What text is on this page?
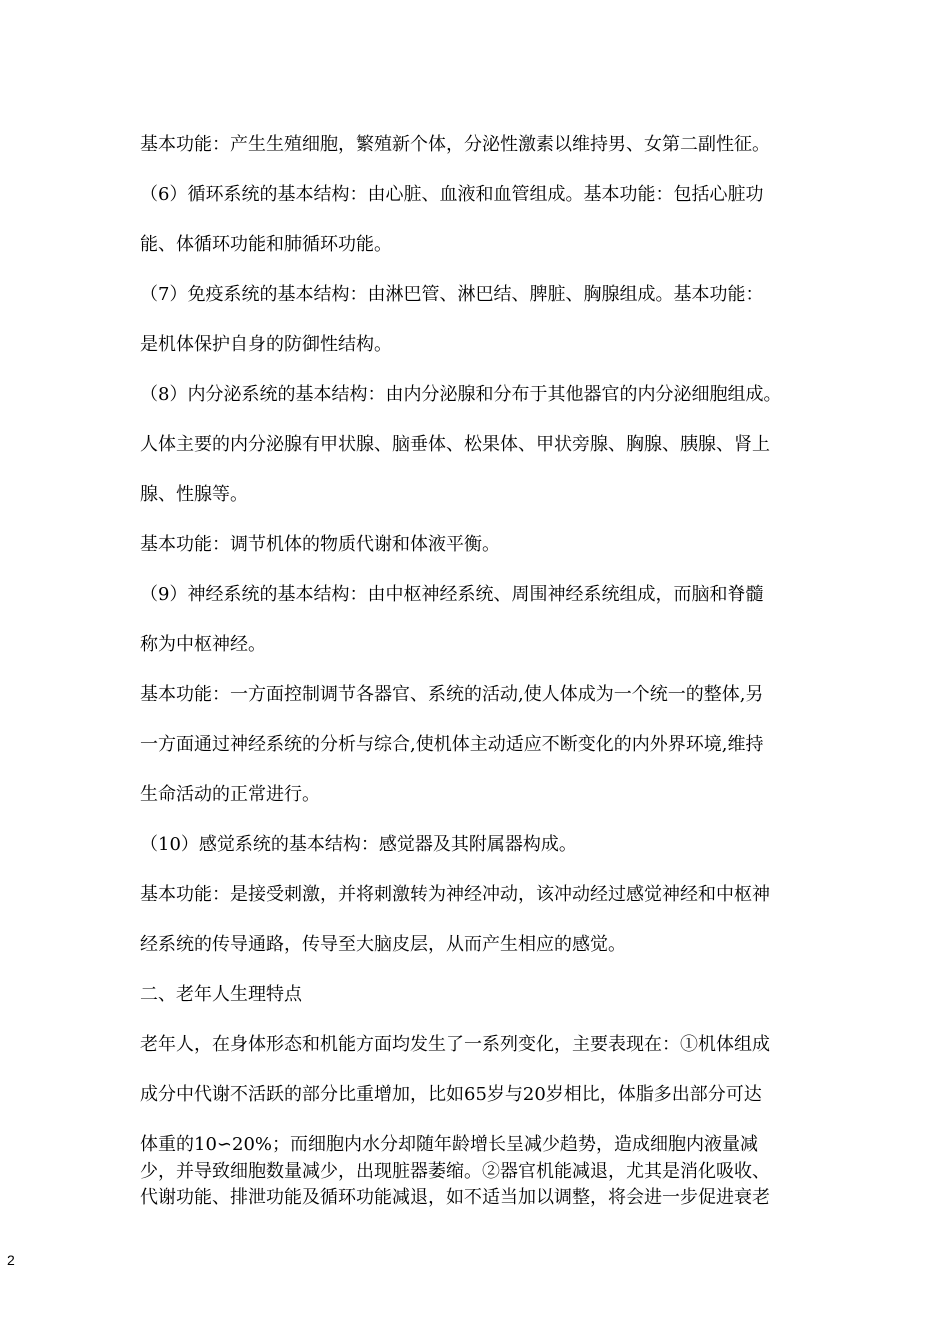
基本功能：产生生殖细胞，繁殖新个体，分泌性激素以维持男、女第二副性征。

（6）循环系统的基本结构：由心脏、血液和血管组成。基本功能：包括心脏功

能、体循环功能和肺循环功能。

（7）免疫系统的基本结构：由淋巴管、淋巴结、脾脏、胸腺组成。基本功能：

是机体保护自身的防御性结构。

（8）内分泌系统的基本结构：由内分泌腺和分布于其他器官的内分泌细胞组成。

人体主要的内分泌腺有甲状腺、脑垂体、松果体、甲状旁腺、胸腺、胰腺、肾上

腺、性腺等。

基本功能：调节机体的物质代谢和体液平衡。

（9）神经系统的基本结构：由中枢神经系统、周围神经系统组成，而脑和脊髓

称为中枢神经。

基本功能：一方面控制调节各器官、系统的活动,使人体成为一个统一的整体,另

一方面通过神经系统的分析与综合,使机体主动适应不断变化的内外界环境,维持

生命活动的正常进行。

（10）感觉系统的基本结构：感觉器及其附属器构成。

基本功能：是接受刺激，并将刺激转为神经冲动，该冲动经过感觉神经和中枢神

经系统的传导通路，传导至大脑皮层，从而产生相应的感觉。

二、老年人生理特点

老年人，在身体形态和机能方面均发生了一系列变化，主要表现在：①机体组成

成分中代谢不活跃的部分比重增加，比如65岁与20岁相比，体脂多出部分可达

体重的10∽20%；而细胞内水分却随年龄增长呈减少趋势，造成细胞内液量减

少，并导致细胞数量减少，出现脏器萎缩。②器官机能减退，尤其是消化吸收、

代谢功能、排泄功能及循环功能减退，如不适当加以调整，将会进一步促进衰老

2
